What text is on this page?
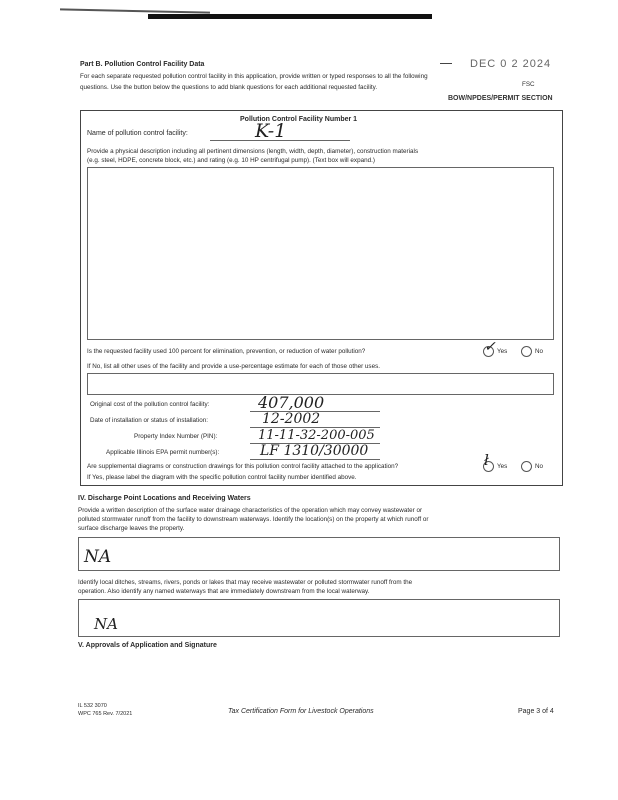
DEC 0 2 2024
FSC
BOW/NPDES/PERMIT SECTION
Part B. Pollution Control Facility Data
For each separate requested pollution control facility in this application, provide written or typed responses to all the following
questions. Use the button below the questions to add blank questions for each additional requested facility.
Pollution Control Facility Number 1
Name of pollution control facility:	K-1
Provide a physical description including all pertinent dimensions (length, width, depth, diameter), construction materials
(e.g. steel, HDPE, concrete block, etc.) and rating (e.g. 10 HP centrifugal pump). (Text box will expand.)
Is the requested facility used 100 percent for elimination, prevention, or reduction of water pollution?	Yes
✓	No
If No, list all other uses of the facility and provide a use-percentage estimate for each of those other uses.
Original cost of the pollution control facility:	407,000
Date of installation or status of installation:	12-2002
Property Index Number (PIN):	11-11-32-200-005
Applicable Illinois EPA permit number(s):	LF 1310/30000
Are supplemental diagrams or construction drawings for this pollution control facility attached to the application?	Yes
ł	No
If Yes, please label the diagram with the specific pollution control facility number identified above.
IV. Discharge Point Locations and Receiving Waters
Provide a written description of the surface water drainage characteristics of the operation which may convey wastewater or
polluted stormwater runoff from the facility to downstream waterways. Identify the location(s) on the property at which runoff or
surface discharge leaves the property.
NA
Identify local ditches, streams, rivers, ponds or lakes that may receive wastewater or polluted stormwater runoff from the
operation. Also identify any named waterways that are immediately downstream from the local waterway.
NA
V. Approvals of Application and Signature
IL 532 3070
WPC 765 Rev. 7/2021	Tax Certification Form for Livestock Operations	Page 3 of 4
